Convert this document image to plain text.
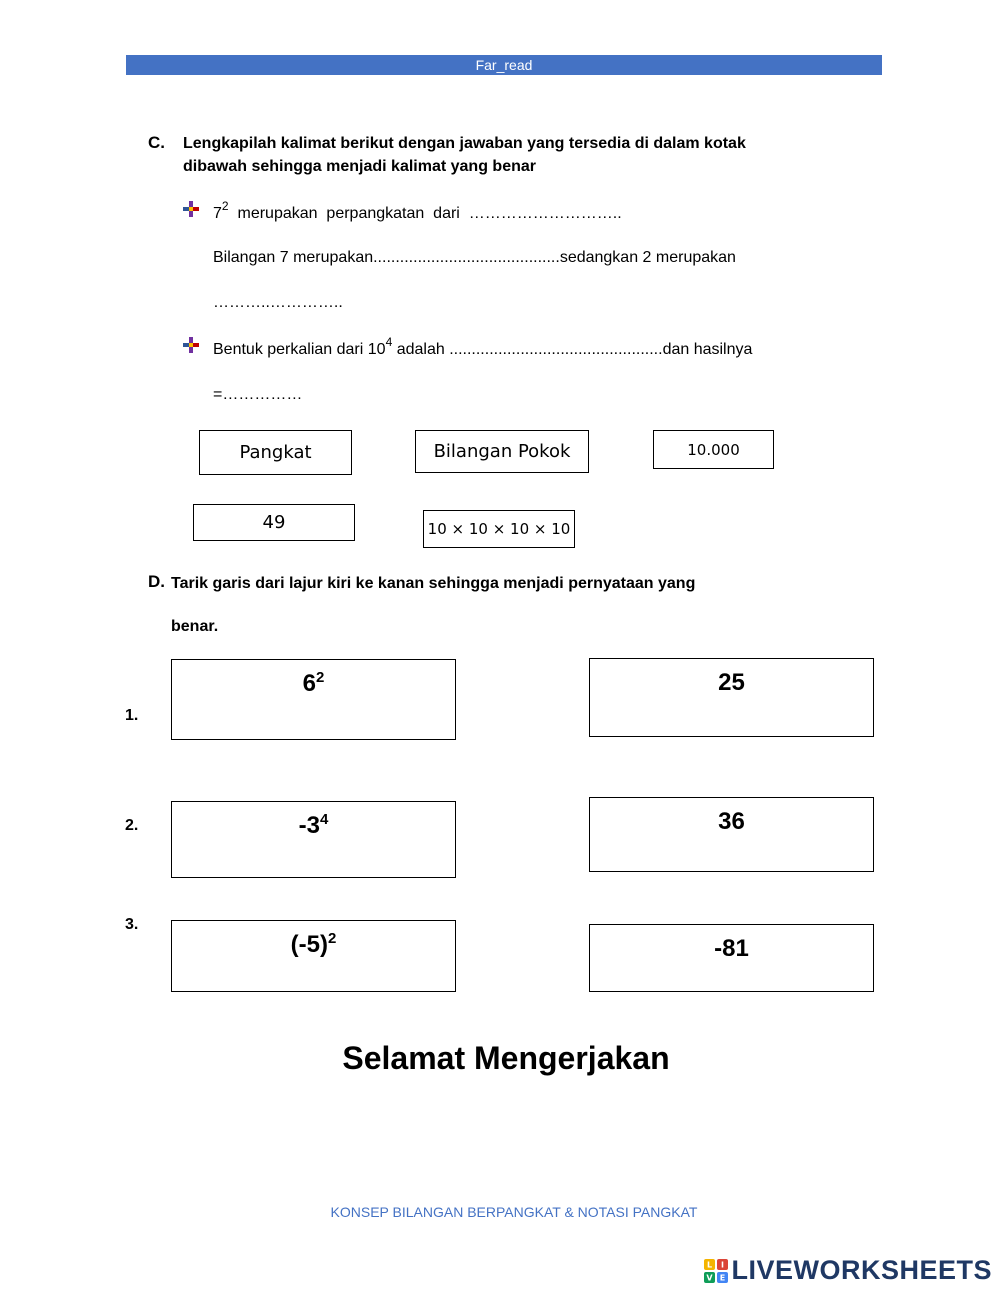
Far_read
C. Lengkapilah kalimat berikut dengan jawaban yang tersedia di dalam kotak
dibawah sehingga menjadi kalimat yang benar
$7^2$  merupakan  perpangkatan  dari  ………………………..
Bilangan 7 merupakan..........................................sedangkan 2 merupakan
………..…………..
Bentuk perkalian dari $10^4$ adalah ................................................dan hasilnya
=……………
Pangkat	Bilangan Pokok	10.000
49	10 × 10 × 10 × 10
D. Tarik garis dari lajur kiri ke kanan sehingga menjadi pernyataan yang
benar.
1.
$6^2$	25
2.	$-3^4$	36
3.
$(-5)^2$	-81
Selamat Mengerjakan
KONSEP BILANGAN BERPANGKAT & NOTASI PANGKAT
L I
V E LIVEWORKSHEETS
